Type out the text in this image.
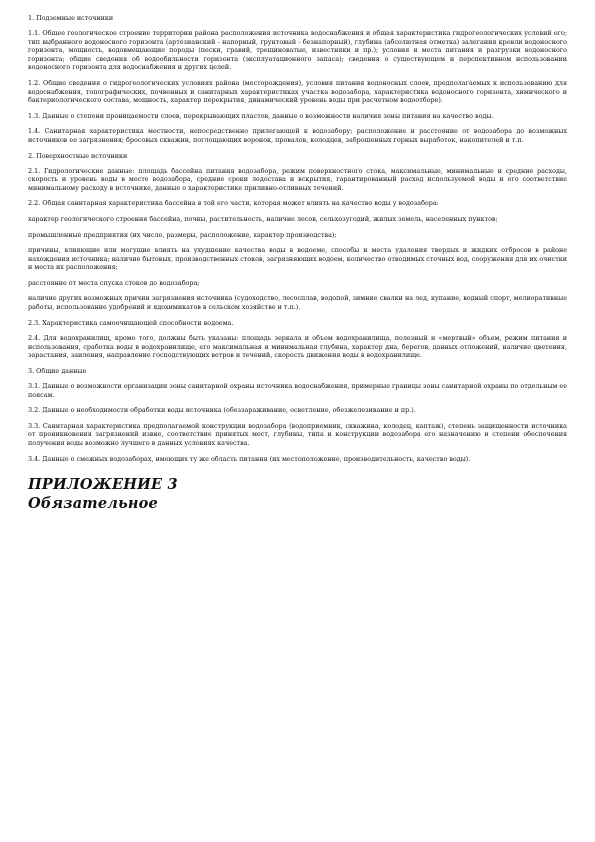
1. Подземные источники

1.1. Общее геологическое строение территории района расположения источника водоснабжения и общая характеристика гидрогеологических условий его; тип выбранного водоносного горизонта (артезианский - напорный, грунтовый - безнапорный), глубина (абсолютная отметка) залегания кровли водоносного горизонта, мощность, водовмещающие породы (пески, гравий, трещиноватые, известняки и пр.); условия и места питания и разгрузки водоносного горизонта; общие сведения об водообильности горизонта (эксплуатационного запаса); сведения о существующем и перспективном использовании водоносного горизонта для водоснабжения и других целей.

1.2. Общие сведения о гидрогеологических условиях района (месторождения), условия питания водоносных слоев, предполагаемых к использованию для водоснабжения, топографических, почвенных и санитарных характеристиках участка водозабора, характеристика водоносного горизонта, химического и бактериологического состава, мощность, характер перекрытия, динамический уровень воды при расчетном водоотборе).

1.3. Данные о степени проницаемости слоев, перекрывающих пластов, данные о возможности наличия зоны питания на качество воды.

1.4. Санитарная характеристика местности, непосредственно прилегающей к водозабору; расположение и расстояние от водозабора до возможных источников ее загрязнения; бросовых скважин, поглощающих воронок, провалов, колодцев, заброшенных горных выработок, накопителей и т.п.

2. Поверхностные источники

2.1. Гидрологические данные: площадь бассейна питания водозабора, режим поверхностного стока, максимальные, минимальные и средние расходы, скорость и уровень воды в месте водозабора, средние сроки ледостава и вскрытия, гарантированный расход используемой воды и его соответствие минимальному расходу в источнике, данные о характеристике приливно-отливных течений.

2.2. Общая санитарная характеристика бассейна в той его части, которая может влиять на качество воды у водозабора:

характер геологического строения бассейна, почвы, растительность, наличие лесов, сельхозугодий, жилых земель, населенных пунктов;

промышленные предприятия (их число, размеры, расположение, характер производства);

причины, влияющие или могущие влиять на ухудшение качества воды в водоеме, способы и места удаления твердых и жидких отбросов в районе нахождения источника; наличие бытовых, производственных стоков, загрязняющих водоем, количество отводимых сточных вод, сооружения для их очистки и места их расположения;

расстояние от места спуска стоков до водозабора;

наличие других возможных причин загрязнения источника (судоходство, лесосплав, водопой, зимние свалки на лед, купание, водный спорт, мелиоративные работы, использование удобрений и ядохимикатов в сельском хозяйстве и т.п.).

2.3. Характеристика самоочищающей способности водоема.

2.4. Для водохранилищ, кроме того, должны быть указаны: площадь зеркала и объем водохранилища, полезный и «мертвый» объем, режим питания и использования, сработка воды в водохранилище, его максимальная и минимальная глубина, характер дна, берегов, данных отложений, наличие цветения, зарастания, заиления, направление господствующих ветров и течений, скорость движения воды в водохранилище.

3. Общие данные

3.1. Данные о возможности организации зоны санитарной охраны источника водоснабжения, примерные границы зоны санитарной охраны по отдельным ее поясам.

3.2. Данные о необходимости обработки воды источника (обеззараживание, осветление, обезжелезивание и пр.).

3.3. Санитарная характеристика предполагаемой конструкции водозабора (водоприемник, скважина, колодец, каптаж), степень защищенности источника от проникновения загрязнений извне, соответствие принятых мест, глубины, типа и конструкции водозабора его назначению и степени обеспечения получения воды возможно лучшего в данных условиях качества.

3.4. Данные о смежных водозаборах, имеющих ту же область питания (их местоположение, производительность, качество воды).

ПРИЛОЖЕНИЕ 3
Обязательное
